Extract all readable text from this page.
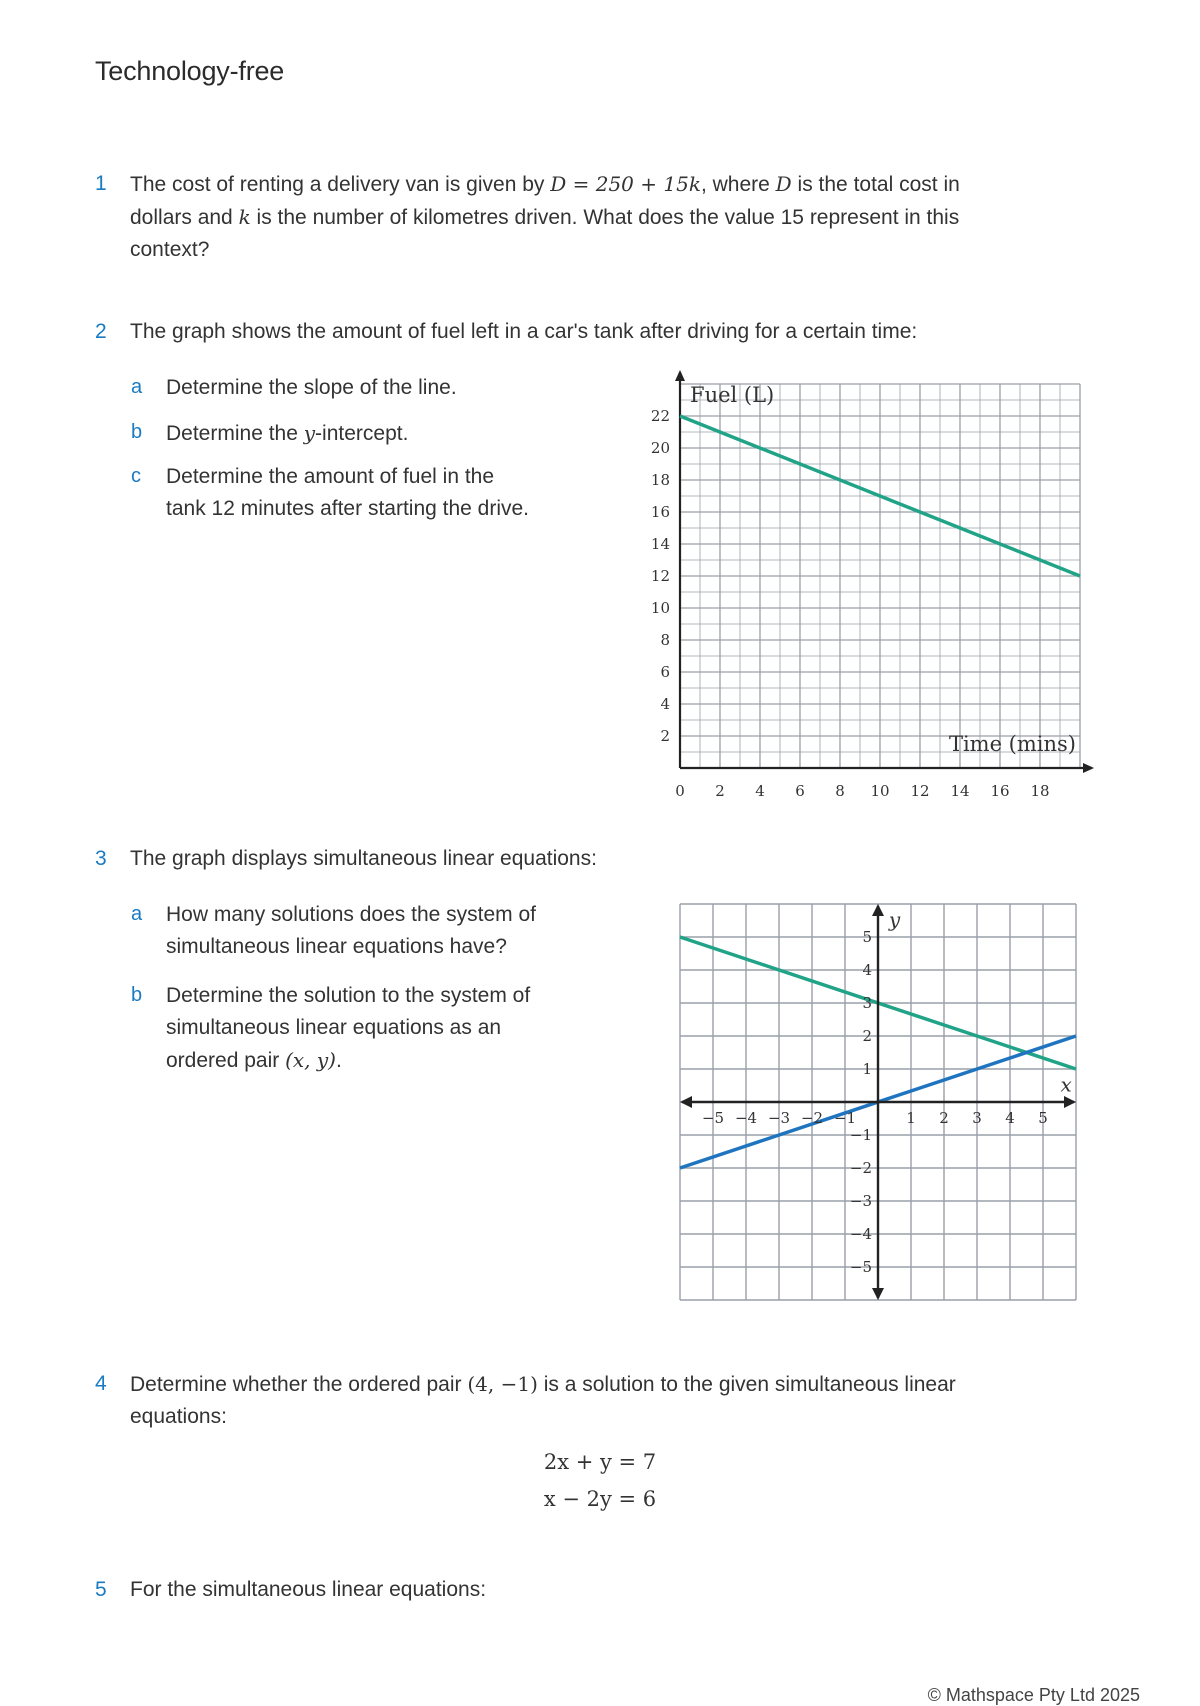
Technology-free
1	The cost of renting a delivery van is given by D = 250 + 15k, where D is the total cost in
dollars and k is the number of kilometres driven. What does the value 15 represent in this
context?
2	The graph shows the amount of fuel left in a car's tank after driving for a certain time:
a Determine the slope of the line.
b Determine the y-intercept.
c Determine the amount of fuel in the
tank 12 minutes after starting the drive.
0 2 4 6 8 10 12 14 16 18
2
4
6
8
10
12
14
16
18
20
22
Fuel (L)
Time (mins)
3	The graph displays simultaneous linear equations:
a How many solutions does the system of
simultaneous linear equations have?
b Determine the solution to the system of
simultaneous linear equations as an
ordered pair (x, y).
−5 −4 −3 −2 −1	1 2 3 4 5
5
4
3
2
1
−1
−2
−3
−4
−5
x
y
4	Determine whether the ordered pair (4, −1) is a solution to the given simultaneous linear
equations:
2x + y = 7
x − 2y = 6
5	For the simultaneous linear equations:
© Mathspace Pty Ltd 2025
